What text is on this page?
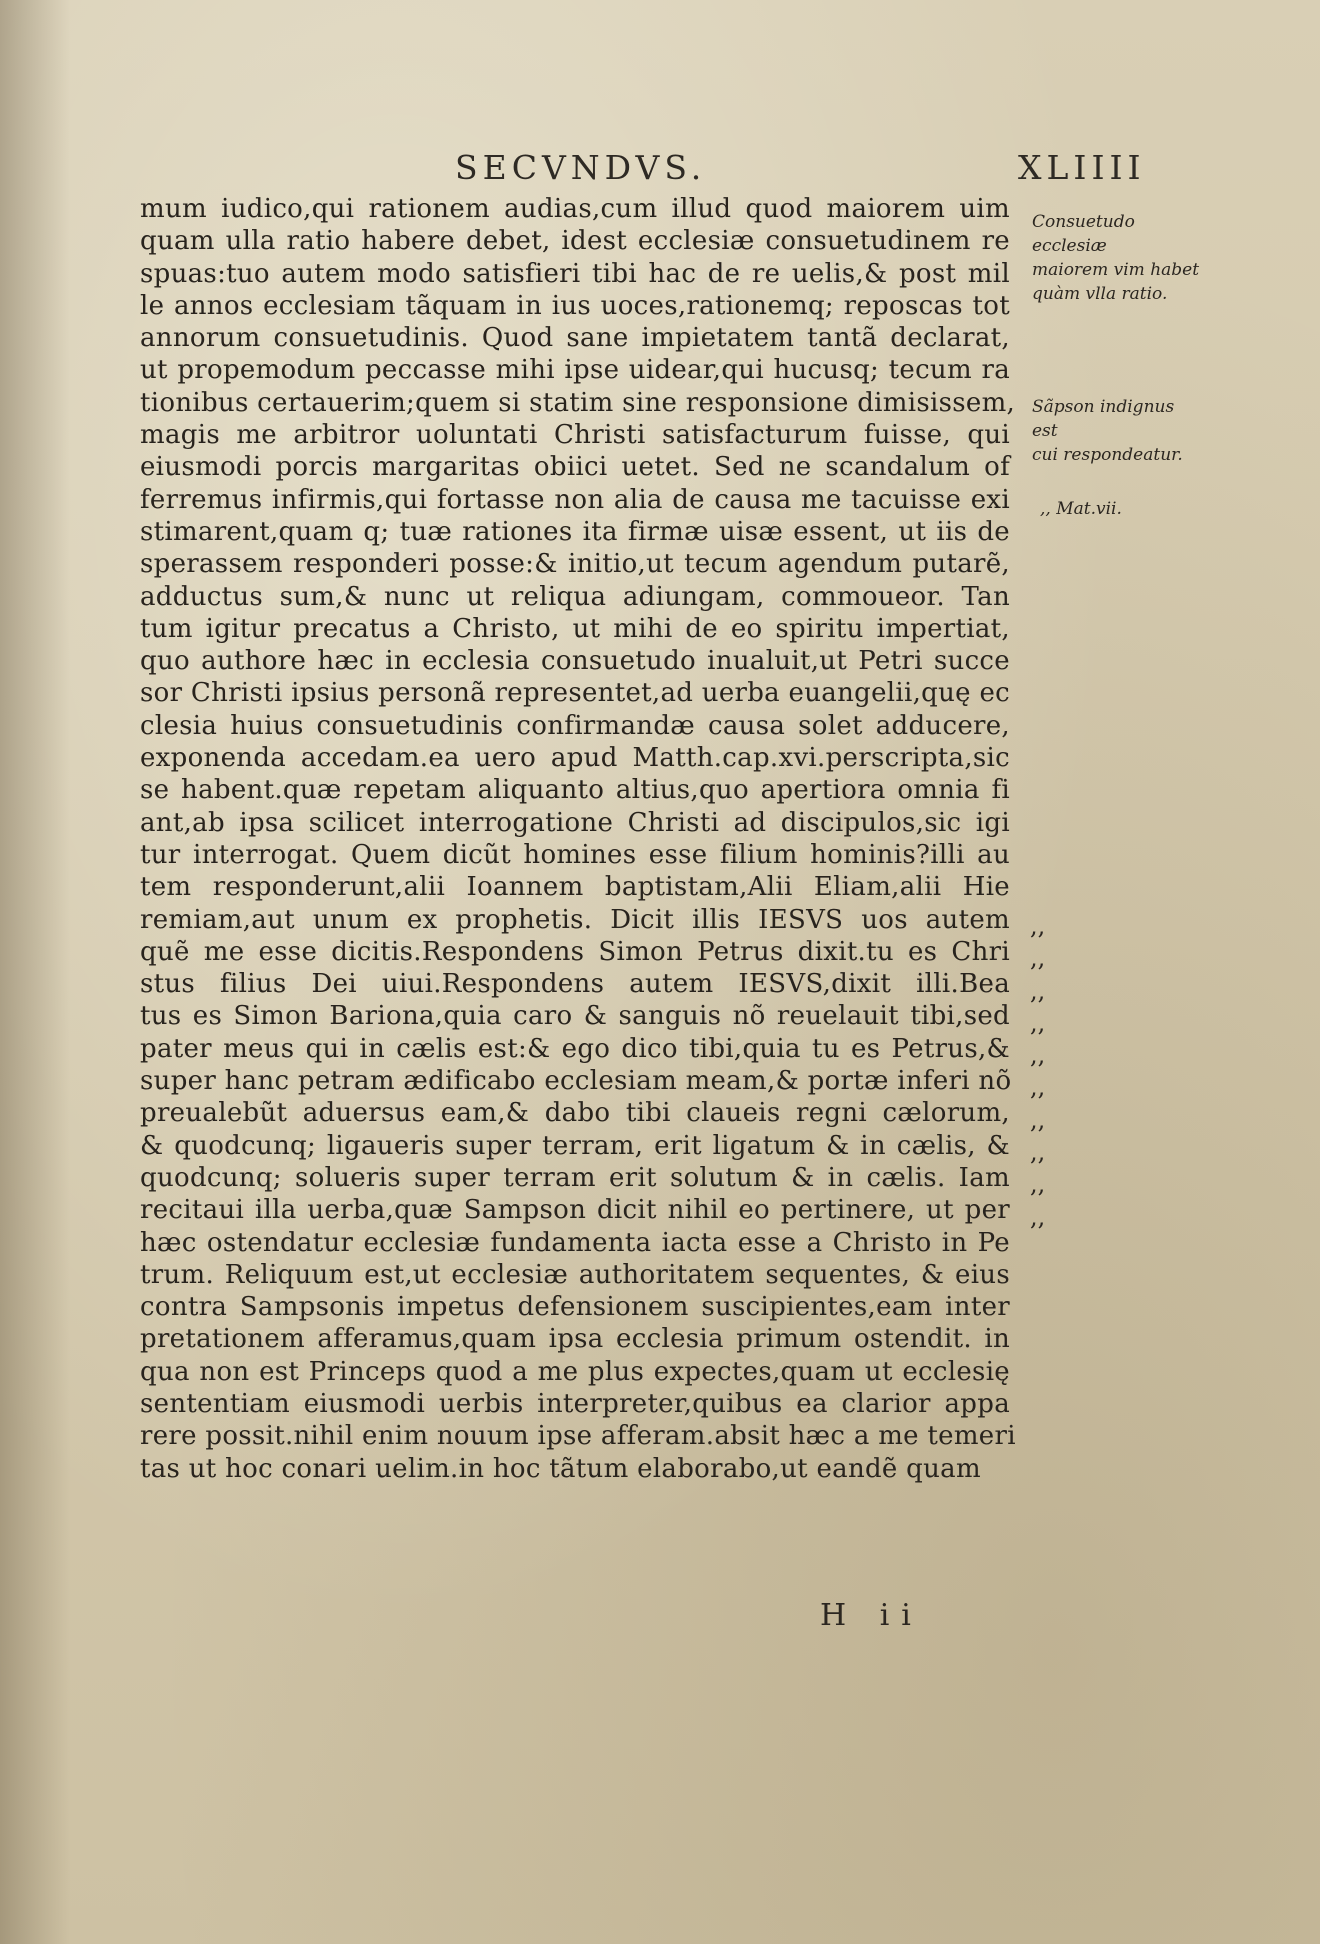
SECVNDVS.	XLIIII
mum iudico,qui rationem audias,cum illud quod maiorem uim
quam ulla ratio habere debet, idest ecclesiæ consuetudinem re
spuas:tuo autem modo satisfieri tibi hac de re uelis,& post mil
le annos ecclesiam tãquam in ius uoces,rationemq; reposcas tot
annorum consuetudinis. Quod sane impietatem tantã declarat,
ut propemodum peccasse mihi ipse uidear,qui hucusq; tecum ra
tionibus certauerim;quem si statim sine responsione dimisissem,
magis me arbitror uoluntati Christi satisfacturum fuisse, qui
eiusmodi porcis margaritas obiici uetet. Sed ne scandalum of
ferremus infirmis,qui fortasse non alia de causa me tacuisse exi
stimarent,quam q; tuæ rationes ita firmæ uisæ essent, ut iis de
sperassem responderi posse:& initio,ut tecum agendum putarẽ,
adductus sum,& nunc ut reliqua adiungam, commoueor. Tan
tum igitur precatus a Christo, ut mihi de eo spiritu impertiat,
quo authore hæc in ecclesia consuetudo inualuit,ut Petri succe
sor Christi ipsius personã representet,ad uerba euangelii,quę ec
clesia huius consuetudinis confirmandæ causa solet adducere,
exponenda accedam.ea uero apud Matth.cap.xvi.perscripta,sic
se habent.quæ repetam aliquanto altius,quo apertiora omnia fi
ant,ab ipsa scilicet interrogatione Christi ad discipulos,sic igi
tur interrogat. Quem dicũt homines esse filium hominis?illi au
tem responderunt,alii Ioannem baptistam,Alii Eliam,alii Hie
remiam,aut unum ex prophetis. Dicit illis IESVS uos autem
quẽ me esse dicitis.Respondens Simon Petrus dixit.tu es Chri
stus filius Dei uiui.Respondens autem IESVS,dixit illi.Bea
tus es Simon Bariona,quia caro & sanguis nõ reuelauit tibi,sed
pater meus qui in cælis est:& ego dico tibi,quia tu es Petrus,&
super hanc petram ædificabo ecclesiam meam,& portæ inferi nõ
preualebũt aduersus eam,& dabo tibi claueis regni cælorum,
& quodcunq; ligaueris super terram, erit ligatum & in cælis, &
quodcunq; solueris super terram erit solutum & in cælis. Iam
recitaui illa uerba,quæ Sampson dicit nihil eo pertinere, ut per
hæc ostendatur ecclesiæ fundamenta iacta esse a Christo in Pe
trum. Reliquum est,ut ecclesiæ authoritatem sequentes, & eius
contra Sampsonis impetus defensionem suscipientes,eam inter
pretationem afferamus,quam ipsa ecclesia primum ostendit. in
qua non est Princeps quod a me plus expectes,quam ut ecclesię
sententiam eiusmodi uerbis interpreter,quibus ea clarior appa
rere possit.nihil enim nouum ipse afferam.absit hæc a me temeri
tas ut hoc conari uelim.in hoc tãtum elaborabo,ut eandẽ quam
Consuetudo ecclesiæ
maiorem vim habet
quàm vlla ratio.
Sãpson indignus est
cui respondeatur.
,, Mat.vii.
,,
,,
,,
,,
,,
,,
,,
,,
,,
,,
H ii
